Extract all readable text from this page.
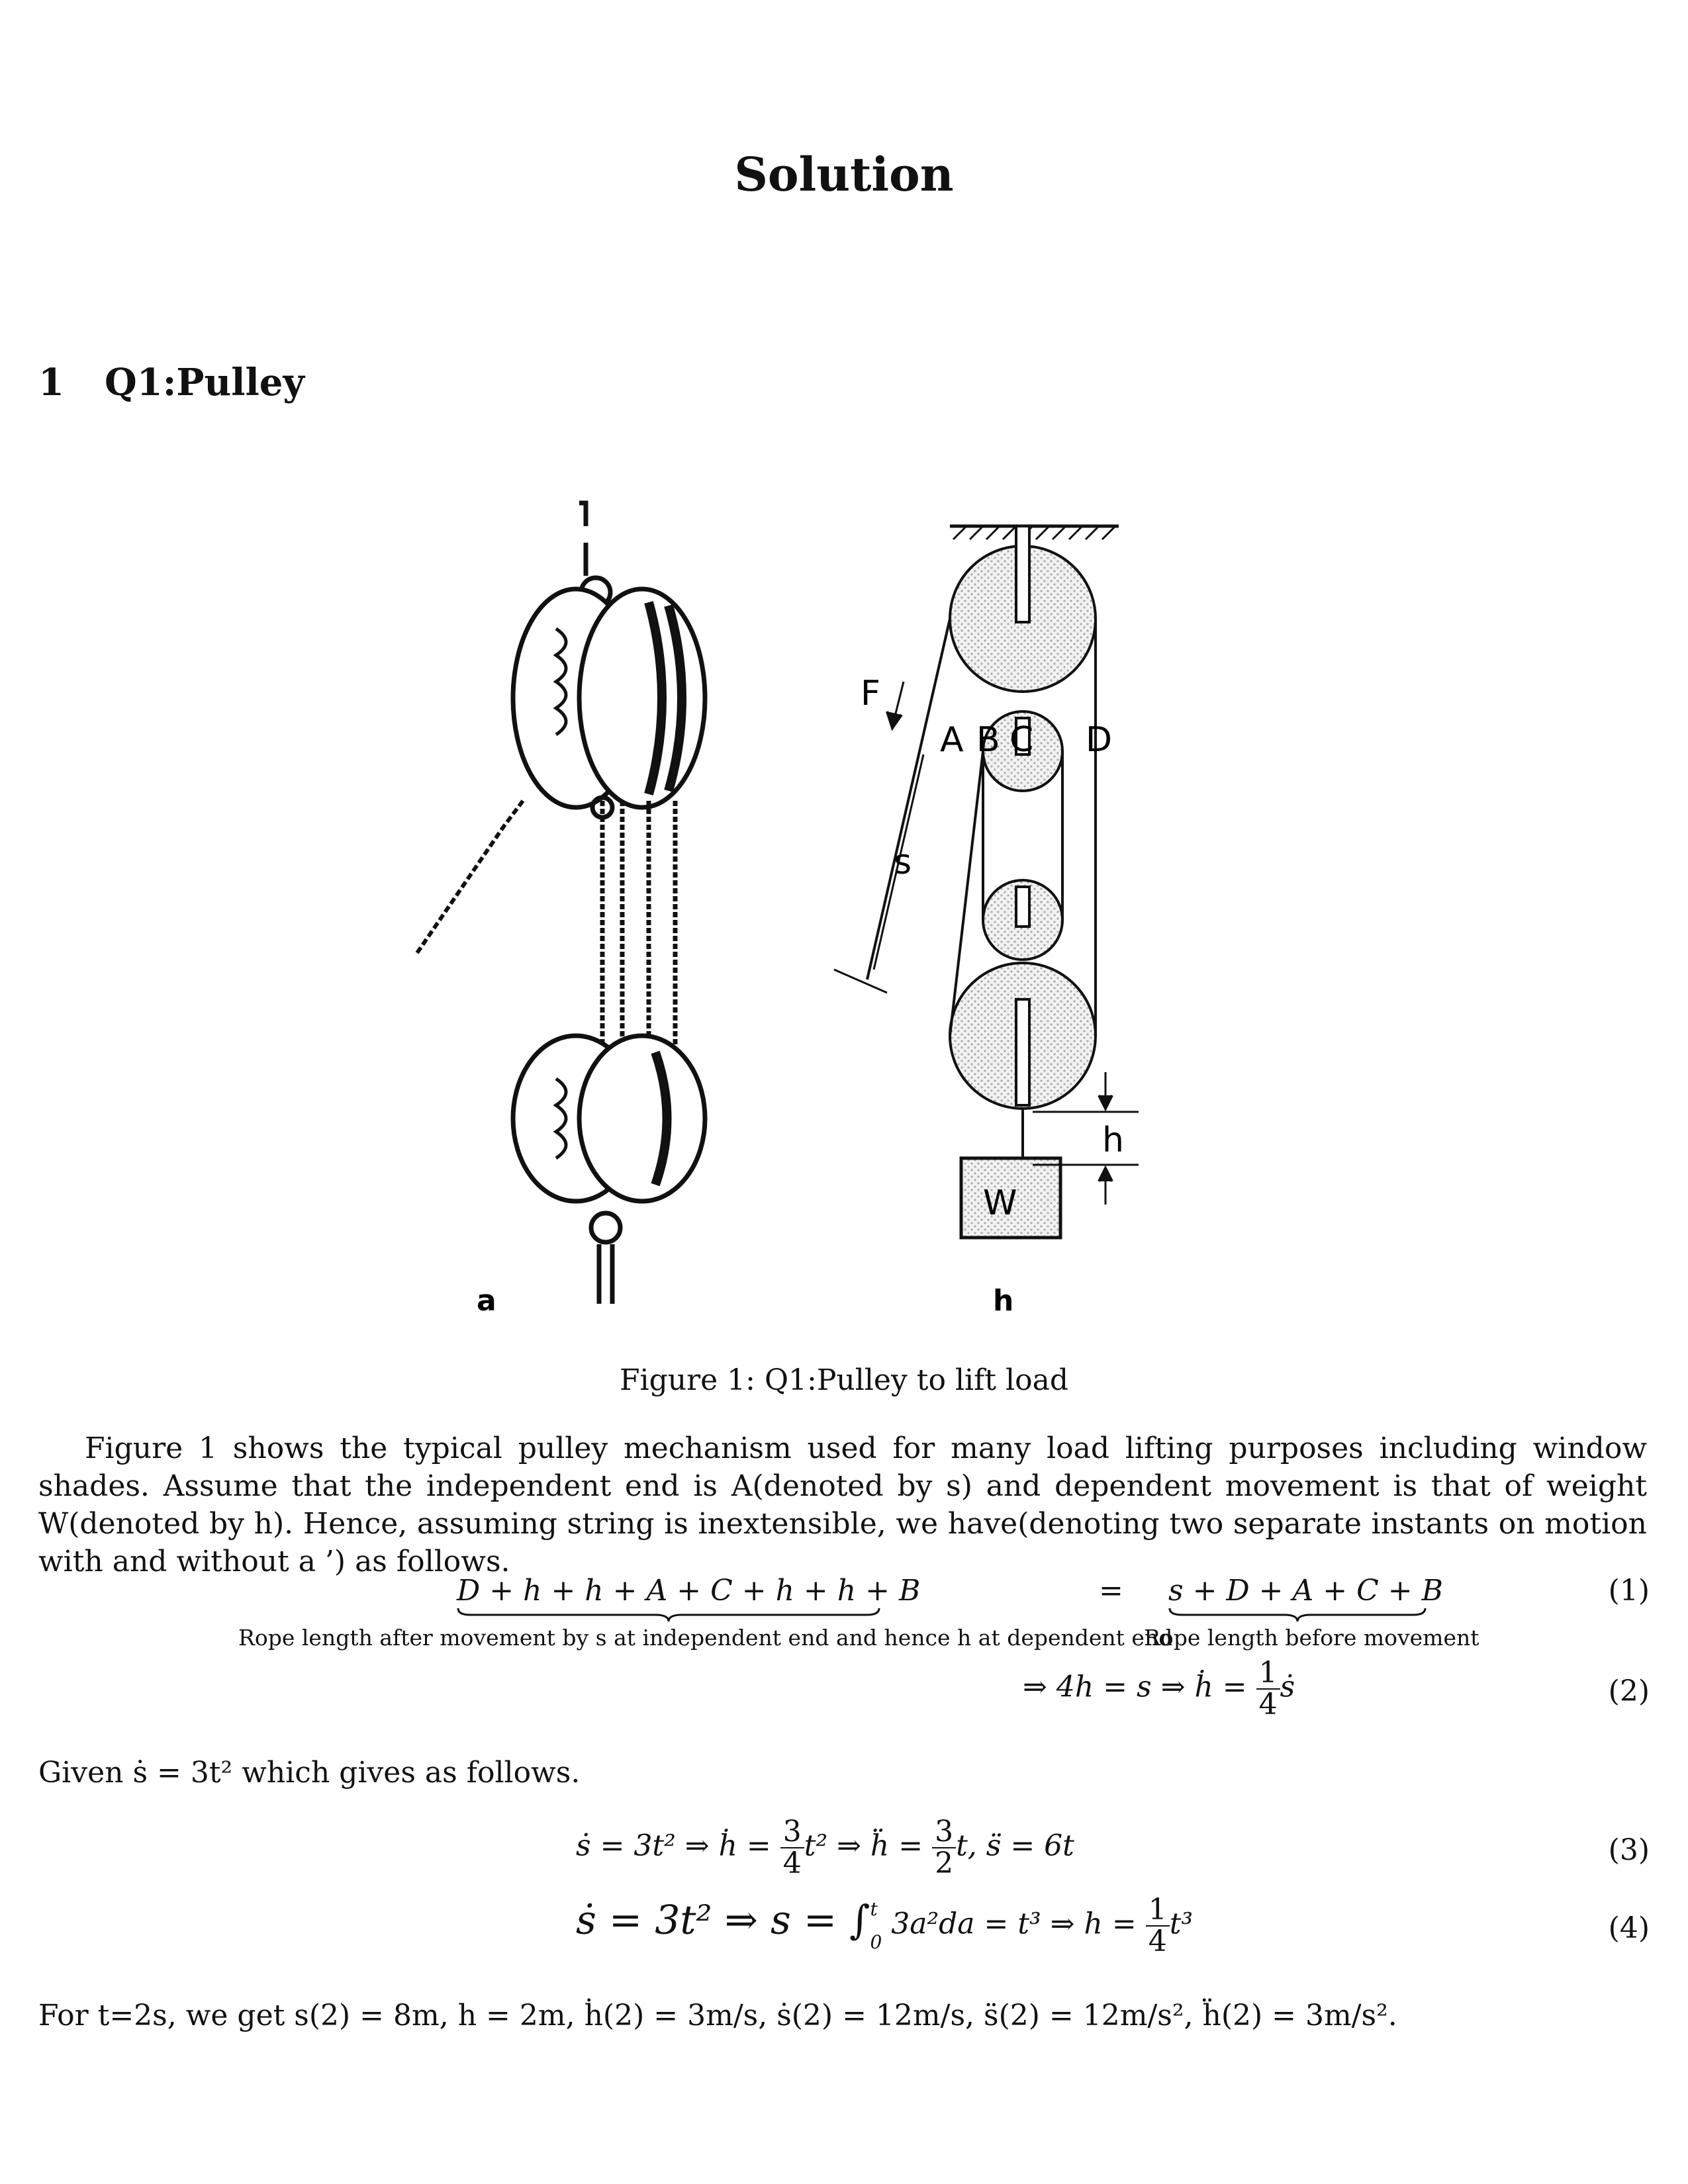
Solution
1 Q1:Pulley
a
F
s
A B C D
h
W
h
Figure 1: Q1:Pulley to lift load
Figure 1 shows the typical pulley mechanism used for many load lifting purposes including window shades. Assume that the independent end is A(denoted by s) and dependent movement is that of weight W(denoted by h). Hence, assuming string is inextensible, we have(denoting two separate instants on motion with and without a ’) as follows.
D + h + h + A + C + h + h + B
Rope length after movement by s at independent end and hence h at dependent end
= s + D + A + C + B
Rope length before movement
(1)
⇒ 4h = s ⇒ ḣ = $\frac{1}{4}$ ṡ	(2)
Given ṡ = 3t² which gives as follows.
ṡ = 3t² ⇒ ḣ = $\frac{3}{4} t^2$ ⇒ ḧ = $\frac{3}{2} t$, s̈ = 6t	(3)
ṡ = 3t² ⇒ s = ∫ t
0
3a²da = t³ ⇒ $h = \frac{1}{4} t^3$	(4)
For t=2s, we get s(2) = 8m, h = 2m, ḣ(2) = 3m/s, ṡ(2) = 12m/s, s̈(2) = 12m/s², ḧ(2) = 3m/s².
